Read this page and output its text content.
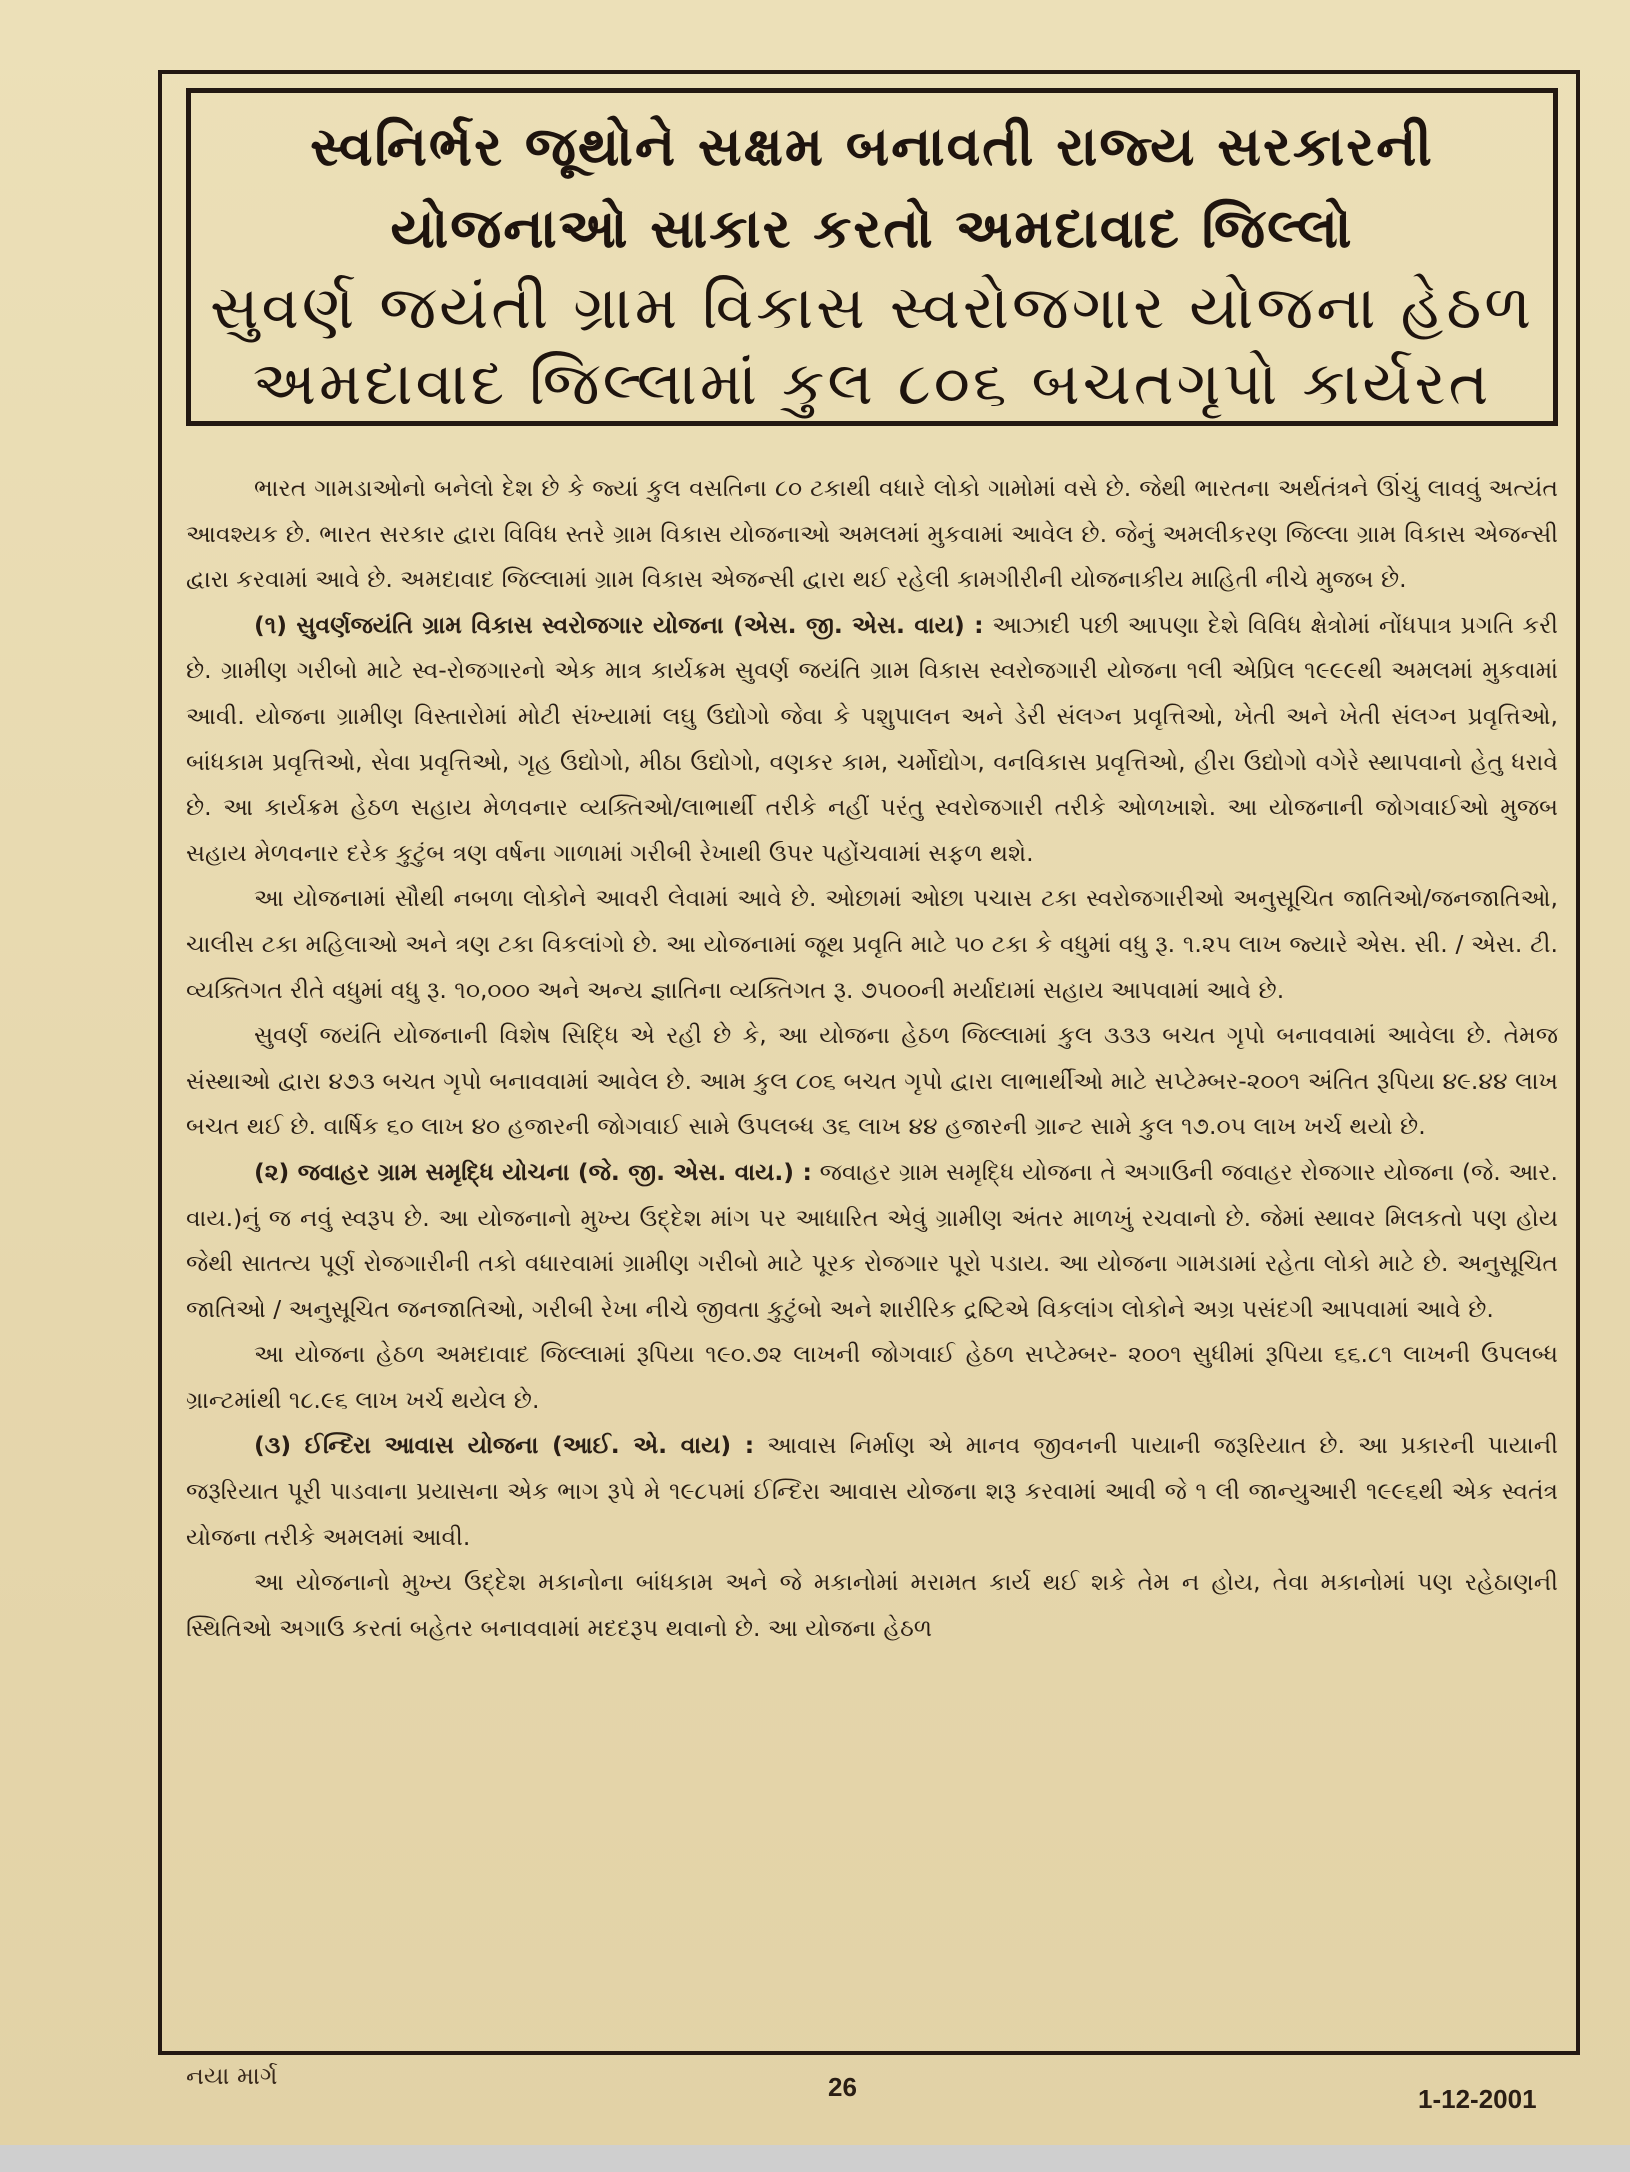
સ્વનિર્ભર જૂથોને સક્ષમ બનાવતી રાજ્ય સરકારની
યોજનાઓ સાકાર કરતો અમદાવાદ જિલ્લો
સુવર્ણ જયંતી ગ્રામ વિકાસ સ્વરોજગાર યોજના હેઠળ
અમદાવાદ જિલ્લામાં કુલ ૮૦૬ બચતગૃપો કાર્યરત

ભારત ગામડાઓનો બનેલો દેશ છે કે જ્યાં કુલ વસતિના ૮૦ ટકાથી વધારે લોકો ગામોમાં વસે છે. જેથી ભારતના અર્થતંત્રને ઊંચું લાવવું અત્યંત આવશ્યક છે. ભારત સરકાર દ્વારા વિવિધ સ્તરે ગ્રામ વિકાસ યોજનાઓ અમલમાં મુકવામાં આવેલ છે. જેનું અમલીકરણ જિલ્લા ગ્રામ વિકાસ એજન્સી દ્વારા કરવામાં આવે છે. અમદાવાદ જિલ્લામાં ગ્રામ વિકાસ એજન્સી દ્વારા થઈ રહેલી કામગીરીની યોજનાકીય માહિતી નીચે મુજબ છે.

(૧) સુવર્ણજયંતિ ગ્રામ વિકાસ સ્વરોજગાર યોજના (એસ. જી. એસ. વાય) : આઝાદી પછી આપણા દેશે વિવિધ ક્ષેત્રોમાં નોંધપાત્ર પ્રગતિ કરી છે. ગ્રામીણ ગરીબો માટે સ્વ-રોજગારનો એક માત્ર કાર્યક્રમ સુવર્ણ જયંતિ ગ્રામ વિકાસ સ્વરોજગારી યોજના ૧લી એપ્રિલ ૧૯૯૯થી અમલમાં મુકવામાં આવી. યોજના ગ્રામીણ વિસ્તારોમાં મોટી સંખ્યામાં લઘુ ઉદ્યોગો જેવા કે પશુપાલન અને ડેરી સંલગ્ન પ્રવૃત્તિઓ, ખેતી અને ખેતી સંલગ્ન પ્રવૃત્તિઓ, બાંધકામ પ્રવૃત્તિઓ, સેવા પ્રવૃત્તિઓ, ગૃહ ઉદ્યોગો, મીઠા ઉદ્યોગો, વણકર કામ, ચર્મોદ્યોગ, વનવિકાસ પ્રવૃત્તિઓ, હીરા ઉદ્યોગો વગેરે સ્થાપવાનો હેતુ ધરાવે છે. આ કાર્યક્રમ હેઠળ સહાય મેળવનાર વ્યક્તિઓ/લાભાર્થી તરીકે નહીં પરંતુ સ્વરોજગારી તરીકે ઓળખાશે. આ યોજનાની જોગવાઈઓ મુજબ સહાય મેળવનાર દરેક કુટુંબ ત્રણ વર્ષના ગાળામાં ગરીબી રેખાથી ઉપર પહોંચવામાં સફળ થશે.

આ યોજનામાં સૌથી નબળા લોકોને આવરી લેવામાં આવે છે. ઓછામાં ઓછા પચાસ ટકા સ્વરોજગારીઓ અનુસૂચિત જાતિઓ/જનજાતિઓ, ચાલીસ ટકા મહિલાઓ અને ત્રણ ટકા વિકલાંગો છે. આ યોજનામાં જૂથ પ્રવૃતિ માટે ૫૦ ટકા કે વધુમાં વધુ રૂ. ૧.૨૫ લાખ જ્યારે એસ. સી. / એસ. ટી. વ્યક્તિગત રીતે વધુમાં વધુ રૂ. ૧૦,૦૦૦ અને અન્ય જ્ઞાતિના વ્યક્તિગત રૂ. ૭૫૦૦ની મર્યાદામાં સહાય આપવામાં આવે છે.

સુવર્ણ જયંતિ યોજનાની વિશેષ સિદ્ધિ એ રહી છે કે, આ યોજના હેઠળ જિલ્લામાં કુલ ૩૩૩ બચત ગૃપો બનાવવામાં આવેલા છે. તેમજ સંસ્થાઓ દ્વારા ૪૭૩ બચત ગૃપો બનાવવામાં આવેલ છે. આમ કુલ ૮૦૬ બચત ગૃપો દ્વારા લાભાર્થીઓ માટે સપ્ટેમ્બર-૨૦૦૧ અંતિત રૂપિયા ૪૯.૪૪ લાખ બચત થઈ છે. વાર્ષિક ૬૦ લાખ ૪૦ હજારની જોગવાઈ સામે ઉપલબ્ધ ૩૬ લાખ ૪૪ હજારની ગ્રાન્ટ સામે કુલ ૧૭.૦૫ લાખ ખર્ચ થયો છે.

(૨) જવાહર ગ્રામ સમૃદ્ધિ યોચના (જે. જી. એસ. વાય.) : જવાહર ગ્રામ સમૃદ્ધિ યોજના તે અગાઉની જવાહર રોજગાર યોજના (જે. આર. વાય.)નું જ નવું સ્વરૂપ છે. આ યોજનાનો મુખ્ય ઉદ્દેશ માંગ પર આધારિત એવું ગ્રામીણ અંતર માળખું રચવાનો છે. જેમાં સ્થાવર મિલકતો પણ હોય જેથી સાતત્ય પૂર્ણ રોજગારીની તકો વધારવામાં ગ્રામીણ ગરીબો માટે પૂરક રોજગાર પૂરો પડાય. આ યોજના ગામડામાં રહેતા લોકો માટે છે. અનુસૂચિત જાતિઓ / અનુસૂચિત જનજાતિઓ, ગરીબી રેખા નીચે જીવતા કુટુંબો અને શારીરિક દ્રષ્ટિએ વિકલાંગ લોકોને અગ્ર પસંદગી આપવામાં આવે છે.

આ યોજના હેઠળ અમદાવાદ જિલ્લામાં રૂપિયા ૧૯૦.૭૨ લાખની જોગવાઈ હેઠળ સપ્ટેમ્બર- ૨૦૦૧ સુધીમાં રૂપિયા ૬૬.૮૧ લાખની ઉપલબ્ધ ગ્રાન્ટમાંથી ૧૮.૯૬ લાખ ખર્ચ થયેલ છે.

(૩) ઈન્દિરા આવાસ યોજના (આઈ. એ. વાય) : આવાસ નિર્માણ એ માનવ જીવનની પાયાની જરૂરિયાત છે. આ પ્રકારની પાયાની જરૂરિયાત પૂરી પાડવાના પ્રયાસના એક ભાગ રૂપે મે ૧૯૮૫માં ઈન્દિરા આવાસ યોજના શરૂ કરવામાં આવી જે ૧ લી જાન્યુઆરી ૧૯૯૬થી એક સ્વતંત્ર યોજના તરીકે અમલમાં આવી.

આ યોજનાનો મુખ્ય ઉદ્દેશ મકાનોના બાંધકામ અને જે મકાનોમાં મરામત કાર્ય થઈ શકે તેમ ન હોય, તેવા મકાનોમાં પણ રહેઠાણની સ્થિતિઓ અગાઉ કરતાં બહેતર બનાવવામાં મદદરૂપ થવાનો છે. આ યોજના હેઠળ

નયા માર્ગ	26	1-12-2001
